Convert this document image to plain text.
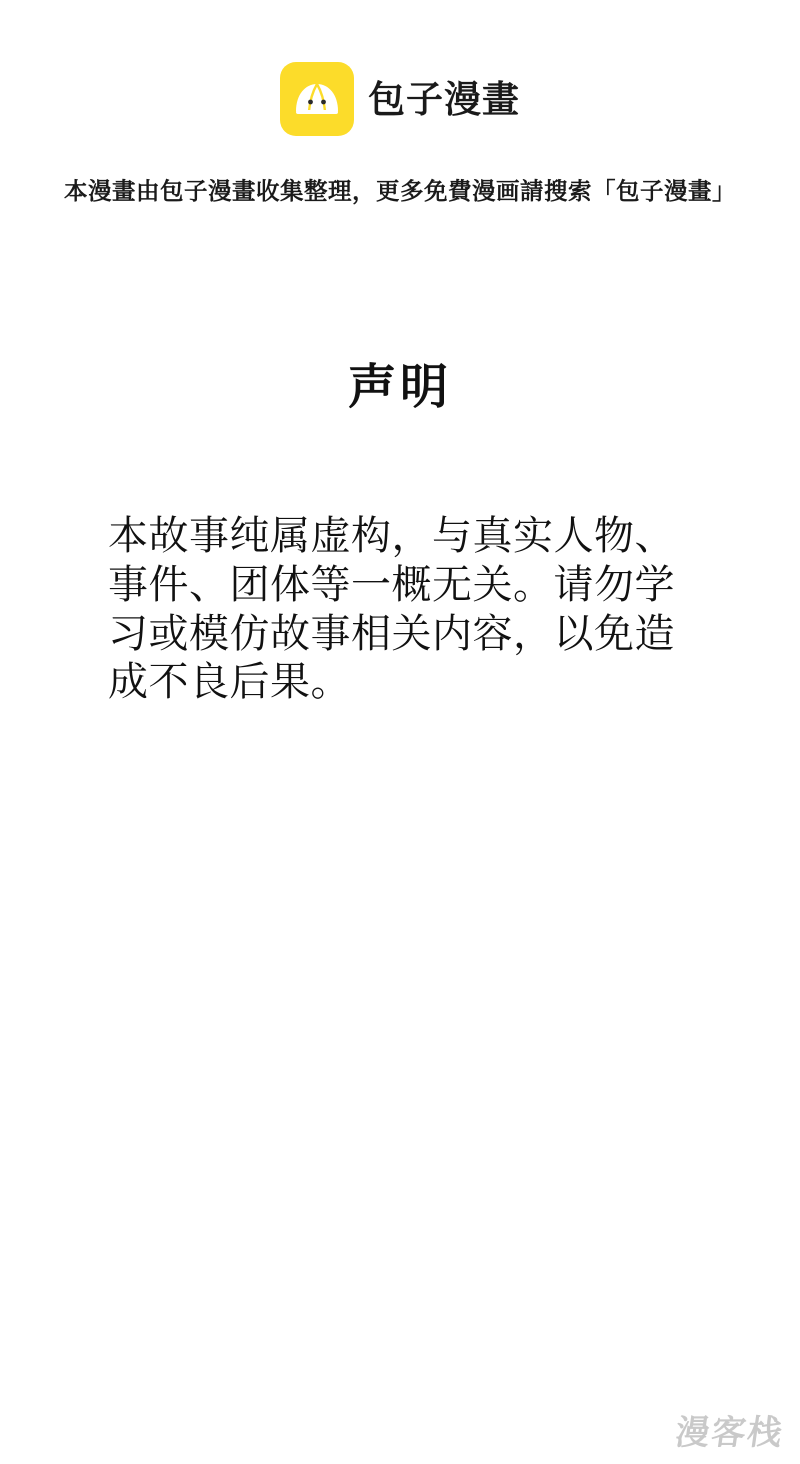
包子漫畫
本漫畫由包子漫畫收集整理，更多免費漫画請搜索「包子漫畫」
声明
本故事纯属虚构，与真实人物、事件、团体等一概无关。请勿学习或模仿故事相关内容，以免造成不良后果。
漫客栈
